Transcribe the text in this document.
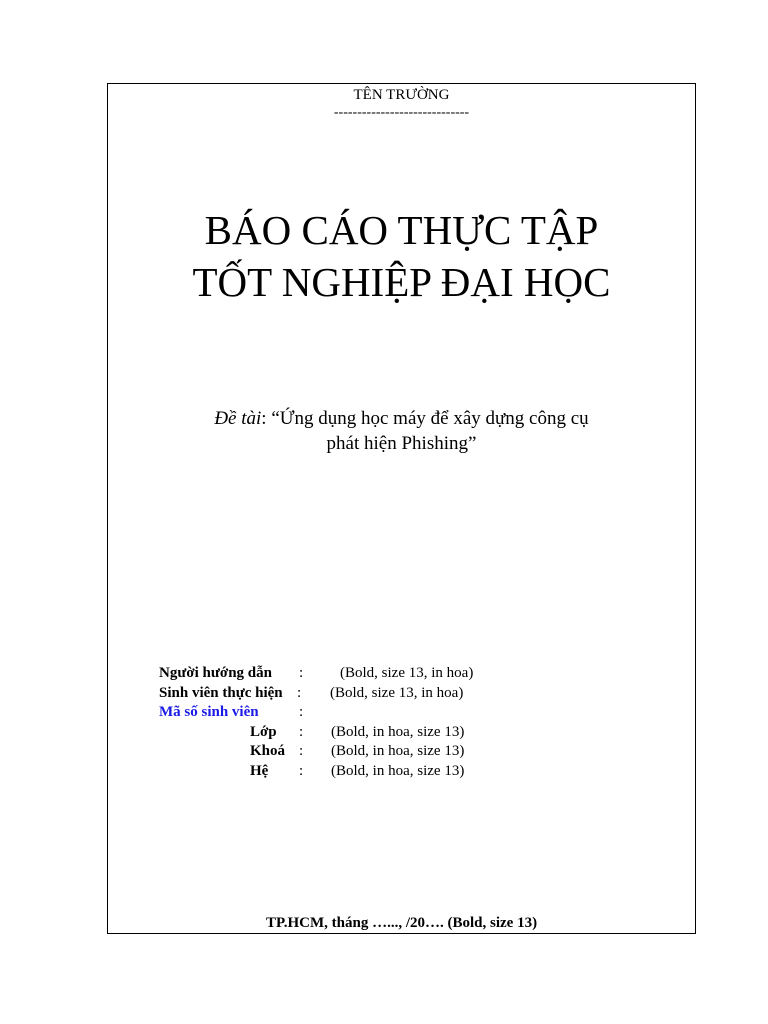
TÊN TRƯỜNG
-----------------------------
BÁO CÁO THỰC TẬP
TỐT NGHIỆP ĐẠI HỌC
Đề tài: “Ứng dụng học máy để xây dựng công cụ
phát hiện Phishing”
Người hướng dẫn : (Bold, size 13, in hoa)
Sinh viên thực hiện : (Bold, size 13, in hoa)
Mã số sinh viên	:
Lớp : (Bold, in hoa, size 13)
Khoá : (Bold, in hoa, size 13)
Hệ : (Bold, in hoa, size 13)
TP.HCM, tháng …..., /20…. (Bold, size 13)
